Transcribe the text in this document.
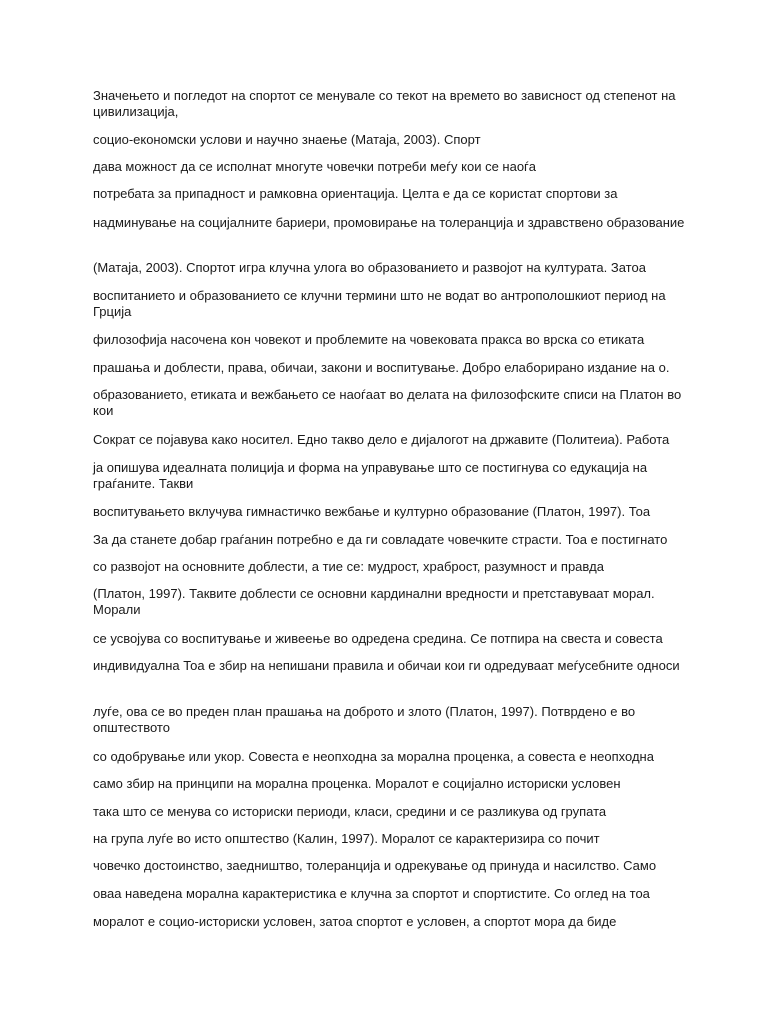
Значењето и погледот на спортот се менувале со текот на времето во зависност од степенот на цивилизација,

социо-економски услови и научно знаење (Матаја, 2003). Спорт

дава можност да се исполнат многуте човечки потреби меѓу кои се наоѓа

потребата за припадност и рамковна ориентација. Целта е да се користат спортови за

надминување на социјалните бариери, промовирање на толеранција и здравствено образование

(Матаја, 2003). Спортот игра клучна улога во образованието и развојот на културата. Затоа

воспитанието и образованието се клучни термини што не водат во антрополошкиот период на Грција

филозофија насочена кон човекот и проблемите на човековата пракса во врска со етиката

прашања и доблести, права, обичаи, закони и воспитување. Добро елаборирано издание на о.

образованието, етиката и вежбањето се наоѓаат во делата на филозофските списи на Платон во кои

Сократ се појавува како носител. Едно такво дело е дијалогот на државите (Политеиа). Работа

ја опишува идеалната полиција и форма на управување што се постигнува со едукација на граѓаните. Такви

воспитувањето вклучува гимнастичко вежбање и културно образование (Платон, 1997). Тоа

За да станете добар граѓанин потребно е да ги совладате човечките страсти. Тоа е постигнато

со развојот на основните доблести, а тие се: мудрост, храброст, разумност и правда

(Платон, 1997). Таквите доблести се основни кардинални вредности и претставуваат морал. Морали

се усвојува со воспитување и живеење во одредена средина. Се потпира на свеста и совеста

индивидуална Тоа е збир на непишани правила и обичаи кои ги одредуваат меѓусебните односи

луѓе, ова се во преден план прашања на доброто и злото (Платон, 1997). Потврдено е во општеството

со одобрување или укор. Совеста е неопходна за морална проценка, а совеста е неопходна

само збир на принципи на морална проценка. Моралот е социјално историски условен

така што се менува со историски периоди, класи, средини и се разликува од групата

на група луѓе во исто општество (Калин, 1997). Моралот се карактеризира со почит

човечко достоинство, заедништво, толеранција и одрекување од принуда и насилство. Само

оваа наведена морална карактеристика е клучна за спортот и спортистите. Со оглед на тоа

моралот е социо-историски условен, затоа спортот е условен, а спортот мора да биде
